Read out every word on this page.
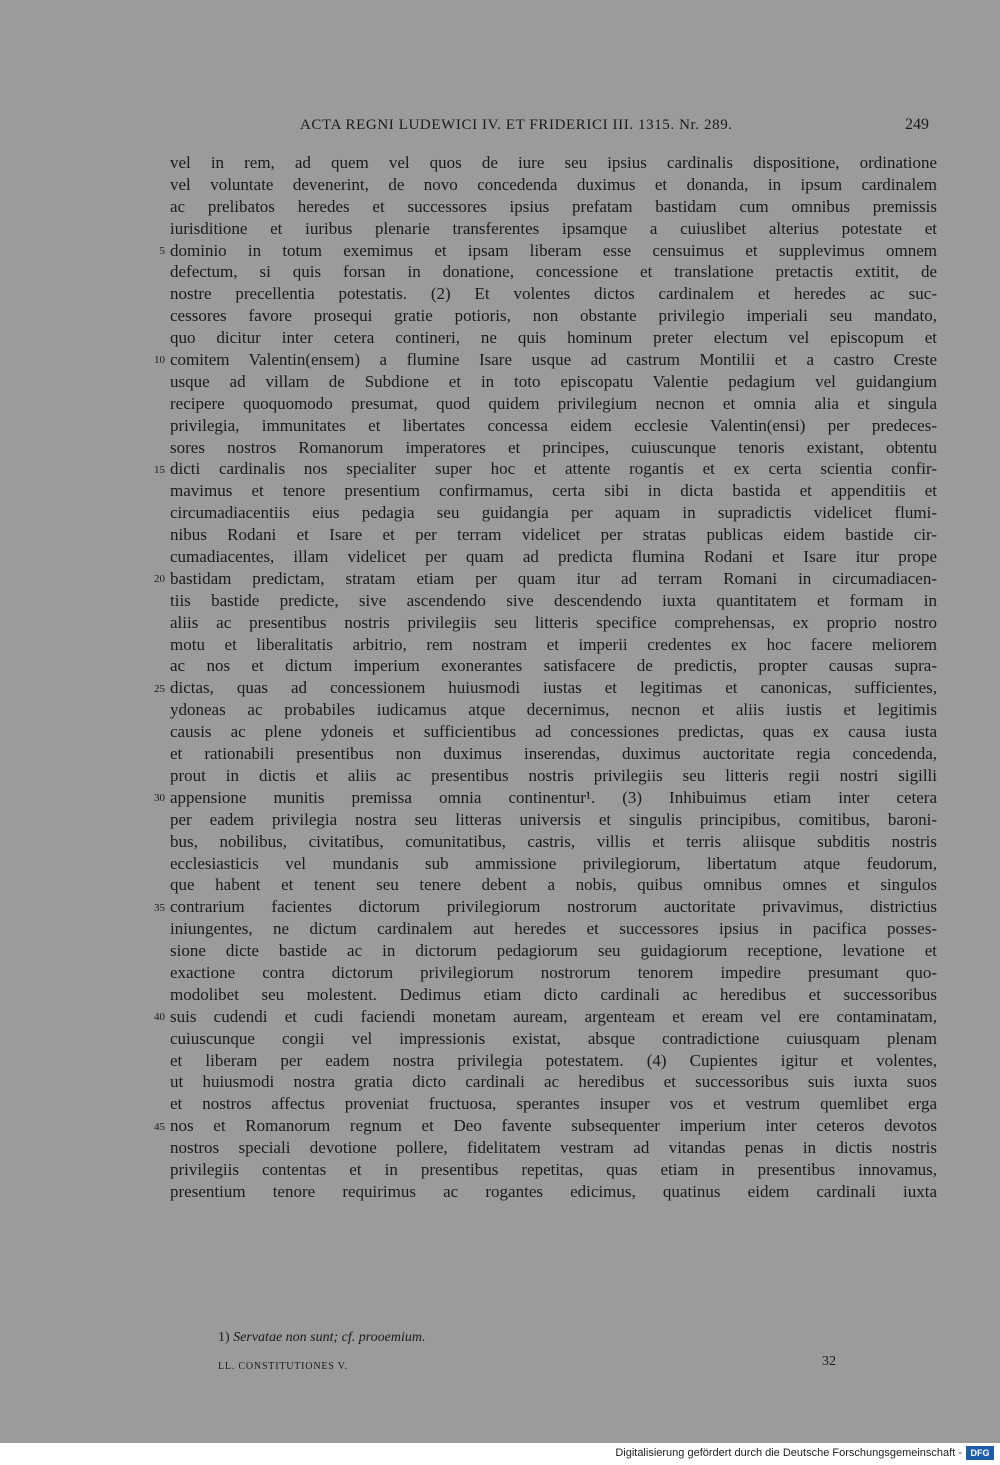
ACTA REGNI LUDEWICI IV. ET FRIDERICI III. 1315. Nr. 289.	249
vel in rem, ad quem vel quos de iure seu ipsius cardinalis dispositione, ordinatione
vel voluntate devenerint, de novo concedenda duximus et donanda, in ipsum cardinalem
ac prelibatos heredes et successores ipsius prefatam bastidam cum omnibus premissis
iurisditione et iuribus plenarie transferentes ipsamque a cuiuslibet alterius potestate et
dominio in totum exemimus et ipsam liberam esse censuimus et supplevimus omnem
defectum, si quis forsan in donatione, concessione et translatione pretactis extitit, de
nostre precellentia potestatis. (2) Et volentes dictos cardinalem et heredes ac suc-
cessores favore prosequi gratie potioris, non obstante privilegio imperiali seu mandato,
quo dicitur inter cetera contineri, ne quis hominum preter electum vel episcopum et
comitem Valentin(ensem) a flumine Isare usque ad castrum Montilii et a castro Creste
usque ad villam de Subdione et in toto episcopatu Valentie pedagium vel guidangium
recipere quoquomodo presumat, quod quidem privilegium necnon et omnia alia et singula
privilegia, immunitates et libertates concessa eidem ecclesie Valentin(ensi) per predeces-
sores nostros Romanorum imperatores et principes, cuiuscunque tenoris existant, obtentu
dicti cardinalis nos specialiter super hoc et attente rogantis et ex certa scientia confir-
mavimus et tenore presentium confirmamus, certa sibi in dicta bastida et appenditiis et
circumadiacentiis eius pedagia seu guidangia per aquam in supradictis videlicet flumi-
nibus Rodani et Isare et per terram videlicet per stratas publicas eidem bastide cir-
cumadiacentes, illam videlicet per quam ad predicta flumina Rodani et Isare itur prope
bastidam predictam, stratam etiam per quam itur ad terram Romani in circumadiacen-
tiis bastide predicte, sive ascendendo sive descendendo iuxta quantitatem et formam in
aliis ac presentibus nostris privilegiis seu litteris specifice comprehensas, ex proprio nostro
motu et liberalitatis arbitrio, rem nostram et imperii credentes ex hoc facere meliorem
ac nos et dictum imperium exonerantes satisfacere de predictis, propter causas supra-
dictas, quas ad concessionem huiusmodi iustas et legitimas et canonicas, sufficientes,
ydoneas ac probabiles iudicamus atque decernimus, necnon et aliis iustis et legitimis
causis ac plene ydoneis et sufficientibus ad concessiones predictas, quas ex causa iusta
et rationabili presentibus non duximus inserendas, duximus auctoritate regia concedenda,
prout in dictis et aliis ac presentibus nostris privilegiis seu litteris regii nostri sigilli
appensione munitis premissa omnia continentur¹. (3) Inhibuimus etiam inter cetera
per eadem privilegia nostra seu litteras universis et singulis principibus, comitibus, baroni-
bus, nobilibus, civitatibus, comunitatibus, castris, villis et terris aliisque subditis nostris
ecclesiasticis vel mundanis sub ammissione privilegiorum, libertatum atque feudorum,
que habent et tenent seu tenere debent a nobis, quibus omnibus omnes et singulos
contrarium facientes dictorum privilegiorum nostrorum auctoritate privavimus, districtius
iniungentes, ne dictum cardinalem aut heredes et successores ipsius in pacifica posses-
sione dicte bastide ac in dictorum pedagiorum seu guidagiorum receptione, levatione et
exactione contra dictorum privilegiorum nostrorum tenorem impedire presumant quo-
modolibet seu molestent. Dedimus etiam dicto cardinali ac heredibus et successoribus
suis cudendi et cudi faciendi monetam auream, argenteam et eream vel ere contaminatam,
cuiuscunque congii vel impressionis existat, absque contradictione cuiusquam plenam
et liberam per eadem nostra privilegia potestatem. (4) Cupientes igitur et volentes,
ut huiusmodi nostra gratia dicto cardinali ac heredibus et successoribus suis iuxta suos
et nostros affectus proveniat fructuosa, sperantes insuper vos et vestrum quemlibet erga
nos et Romanorum regnum et Deo favente subsequenter imperium inter ceteros devotos
nostros speciali devotione pollere, fidelitatem vestram ad vitandas penas in dictis nostris
privilegiis contentas et in presentibus repetitas, quas etiam in presentibus innovamus,
presentium tenore requirimus ac rogantes edicimus, quatinus eidem cardinali iuxta
5
10
15
20
25
30
35
40
45
1) Servatae non sunt; cf. prooemium.
LL. CONSTITUTIONES V.	32
Digitalisierung gefördert durch die Deutsche Forschungsgemeinschaft - DFG
